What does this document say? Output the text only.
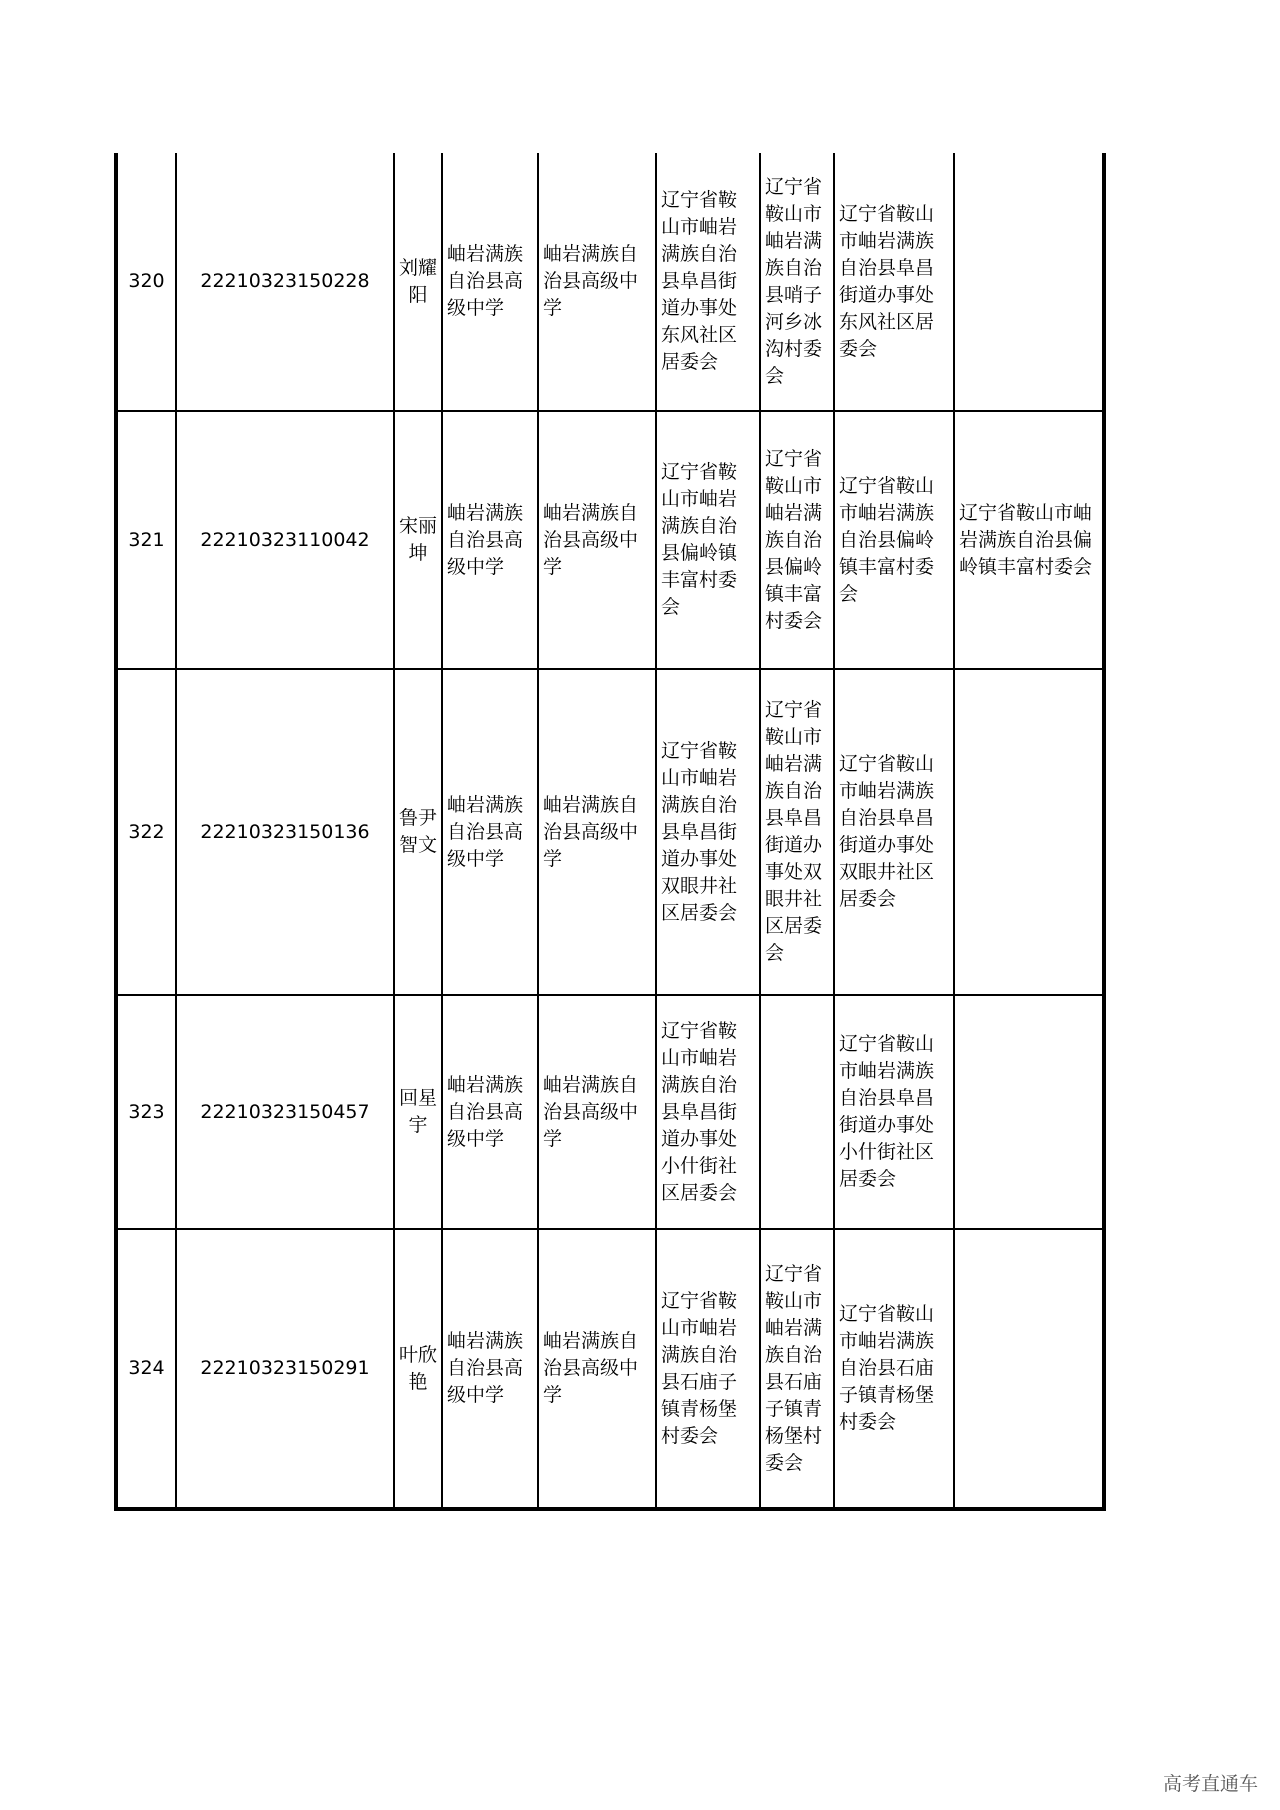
320	22210323150228	刘耀阳	岫岩满族自治县高级中学	岫岩满族自治县高级中学	辽宁省鞍山市岫岩满族自治县阜昌街道办事处东风社区居委会	辽宁省鞍山市岫岩满族自治县哨子河乡冰沟村委会	辽宁省鞍山市岫岩满族自治县阜昌街道办事处东风社区居委会	
321	22210323110042	宋丽坤	岫岩满族自治县高级中学	岫岩满族自治县高级中学	辽宁省鞍山市岫岩满族自治县偏岭镇丰富村委会	辽宁省鞍山市岫岩满族自治县偏岭镇丰富村委会	辽宁省鞍山市岫岩满族自治县偏岭镇丰富村委会	辽宁省鞍山市岫岩满族自治县偏岭镇丰富村委会
322	22210323150136	鲁尹智文	岫岩满族自治县高级中学	岫岩满族自治县高级中学	辽宁省鞍山市岫岩满族自治县阜昌街道办事处双眼井社区居委会	辽宁省鞍山市岫岩满族自治县阜昌街道办事处双眼井社区居委会	辽宁省鞍山市岫岩满族自治县阜昌街道办事处双眼井社区居委会	
323	22210323150457	回星宇	岫岩满族自治县高级中学	岫岩满族自治县高级中学	辽宁省鞍山市岫岩满族自治县阜昌街道办事处小什街社区居委会		辽宁省鞍山市岫岩满族自治县阜昌街道办事处小什街社区居委会	
324	22210323150291	叶欣艳	岫岩满族自治县高级中学	岫岩满族自治县高级中学	辽宁省鞍山市岫岩满族自治县石庙子镇青杨堡村委会	辽宁省鞍山市岫岩满族自治县石庙子镇青杨堡村委会	辽宁省鞍山市岫岩满族自治县石庙子镇青杨堡村委会	
高考直通车
